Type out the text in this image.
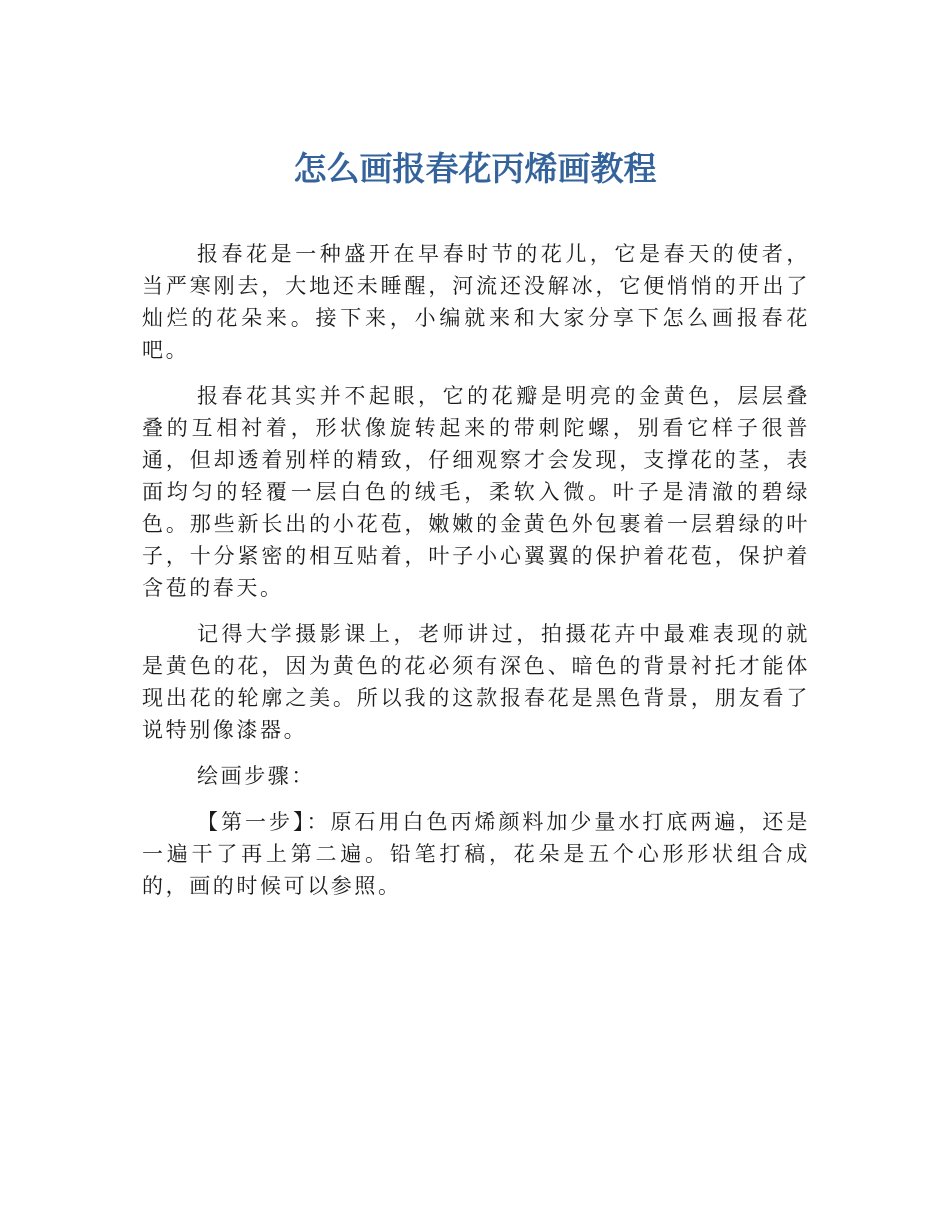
怎么画报春花丙烯画教程

报春花是一种盛开在早春时节的花儿，它是春天的使者，当严寒刚去，大地还未睡醒，河流还没解冰，它便悄悄的开出了灿烂的花朵来。接下来，小编就来和大家分享下怎么画报春花吧。

报春花其实并不起眼，它的花瓣是明亮的金黄色，层层叠叠的互相衬着，形状像旋转起来的带刺陀螺，别看它样子很普通，但却透着别样的精致，仔细观察才会发现，支撑花的茎，表面均匀的轻覆一层白色的绒毛，柔软入微。叶子是清澈的碧绿色。那些新长出的小花苞，嫩嫩的金黄色外包裹着一层碧绿的叶子，十分紧密的相互贴着，叶子小心翼翼的保护着花苞，保护着含苞的春天。

记得大学摄影课上，老师讲过，拍摄花卉中最难表现的就是黄色的花，因为黄色的花必须有深色、暗色的背景衬托才能体现出花的轮廓之美。所以我的这款报春花是黑色背景，朋友看了说特别像漆器。

绘画步骤：

【第一步】：原石用白色丙烯颜料加少量水打底两遍，还是一遍干了再上第二遍。铅笔打稿，花朵是五个心形形状组合成的，画的时候可以参照。
